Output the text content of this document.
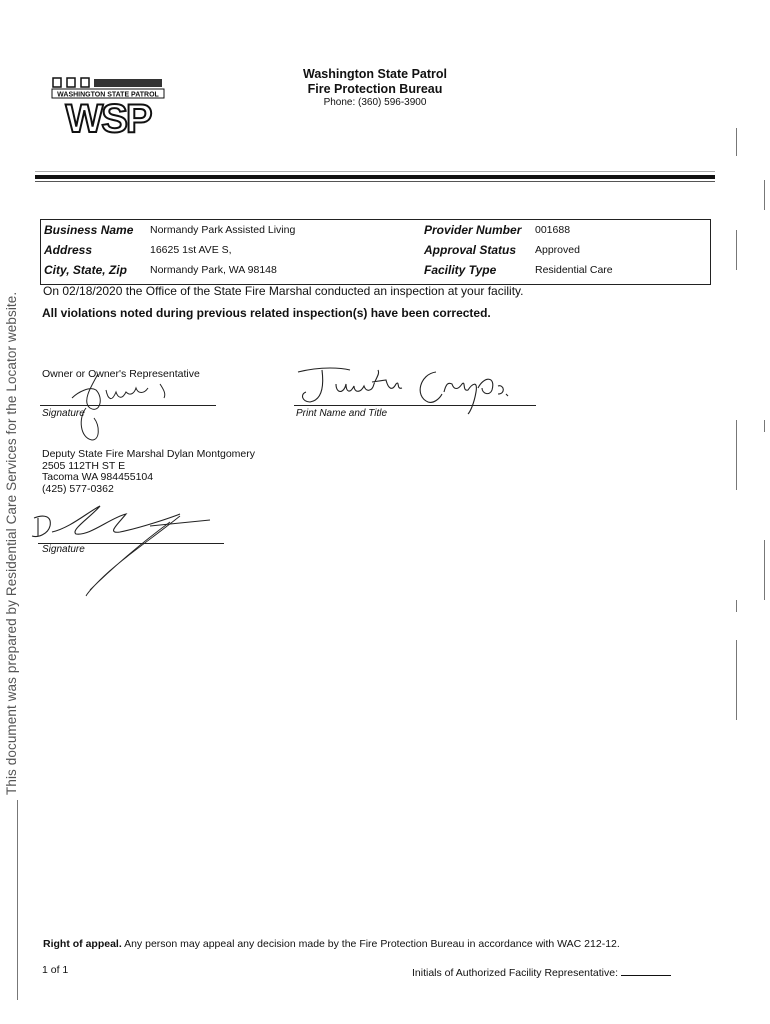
This document was prepared by Residential Care Services for the Locator website.
WASHINGTON STATE PATROL
WSP
Washington State Patrol
Fire Protection Bureau
Phone: (360) 596-3900
Business Name Normandy Park Assisted Living	Provider Number 001688
Address	16625 1st AVE S,	Approval Status Approved
City, State, Zip Normandy Park, WA 98148	Facility Type	Residential Care
On 02/18/2020 the Office of the State Fire Marshal conducted an inspection at your facility.
All violations noted during previous related inspection(s) have been corrected.
Owner or Owner's Representative
Signature	Print Name and Title
Deputy State Fire Marshal Dylan Montgomery
2505 112TH ST E
Tacoma WA 984455104
(425) 577-0362
Signature
Right of appeal. Any person may appeal any decision made by the Fire Protection Bureau in accordance with WAC 212-12.
1 of 1	Initials of Authorized Facility Representative:
